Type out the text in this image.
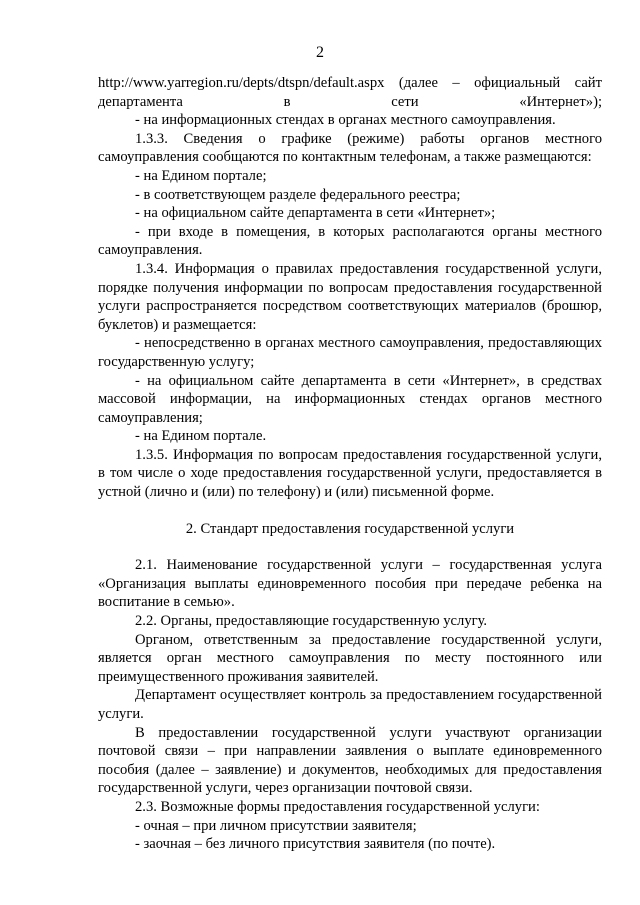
2

http://www.yarregion.ru/depts/dtspn/default.aspx (далее – официальный сайт департамента в сети «Интернет»);

- на информационных стендах в органах местного самоуправления.

1.3.3. Сведения о графике (режиме) работы органов местного самоуправления сообщаются по контактным телефонам, а также размещаются:

- на Едином портале;

- в соответствующем разделе федерального реестра;

- на официальном сайте департамента в сети «Интернет»;

- при входе в помещения, в которых располагаются органы местного самоуправления.

1.3.4. Информация о правилах предоставления государственной услуги, порядке получения информации по вопросам предоставления государственной услуги распространяется посредством соответствующих материалов (брошюр, буклетов) и размещается:

- непосредственно в органах местного самоуправления, предоставляющих государственную услугу;

- на официальном сайте департамента в сети «Интернет», в средствах массовой информации, на информационных стендах органов местного самоуправления;

- на Едином портале.

1.3.5. Информация по вопросам предоставления государственной услуги, в том числе о ходе предоставления государственной услуги, предоставляется в устной (лично и (или) по телефону) и (или) письменной форме.

2. Стандарт предоставления государственной услуги

2.1. Наименование государственной услуги – государственная услуга «Организация выплаты единовременного пособия при передаче ребенка на воспитание в семью».

2.2. Органы, предоставляющие государственную услугу.

Органом, ответственным за предоставление государственной услуги, является орган местного самоуправления по месту постоянного или преимущественного проживания заявителей.

Департамент осуществляет контроль за предоставлением государственной услуги.

В предоставлении государственной услуги участвуют организации почтовой связи – при направлении заявления о выплате единовременного пособия (далее – заявление) и документов, необходимых для предоставления государственной услуги, через организации почтовой связи.

2.3. Возможные формы предоставления государственной услуги:

- очная – при личном присутствии заявителя;

- заочная – без личного присутствия заявителя (по почте).
